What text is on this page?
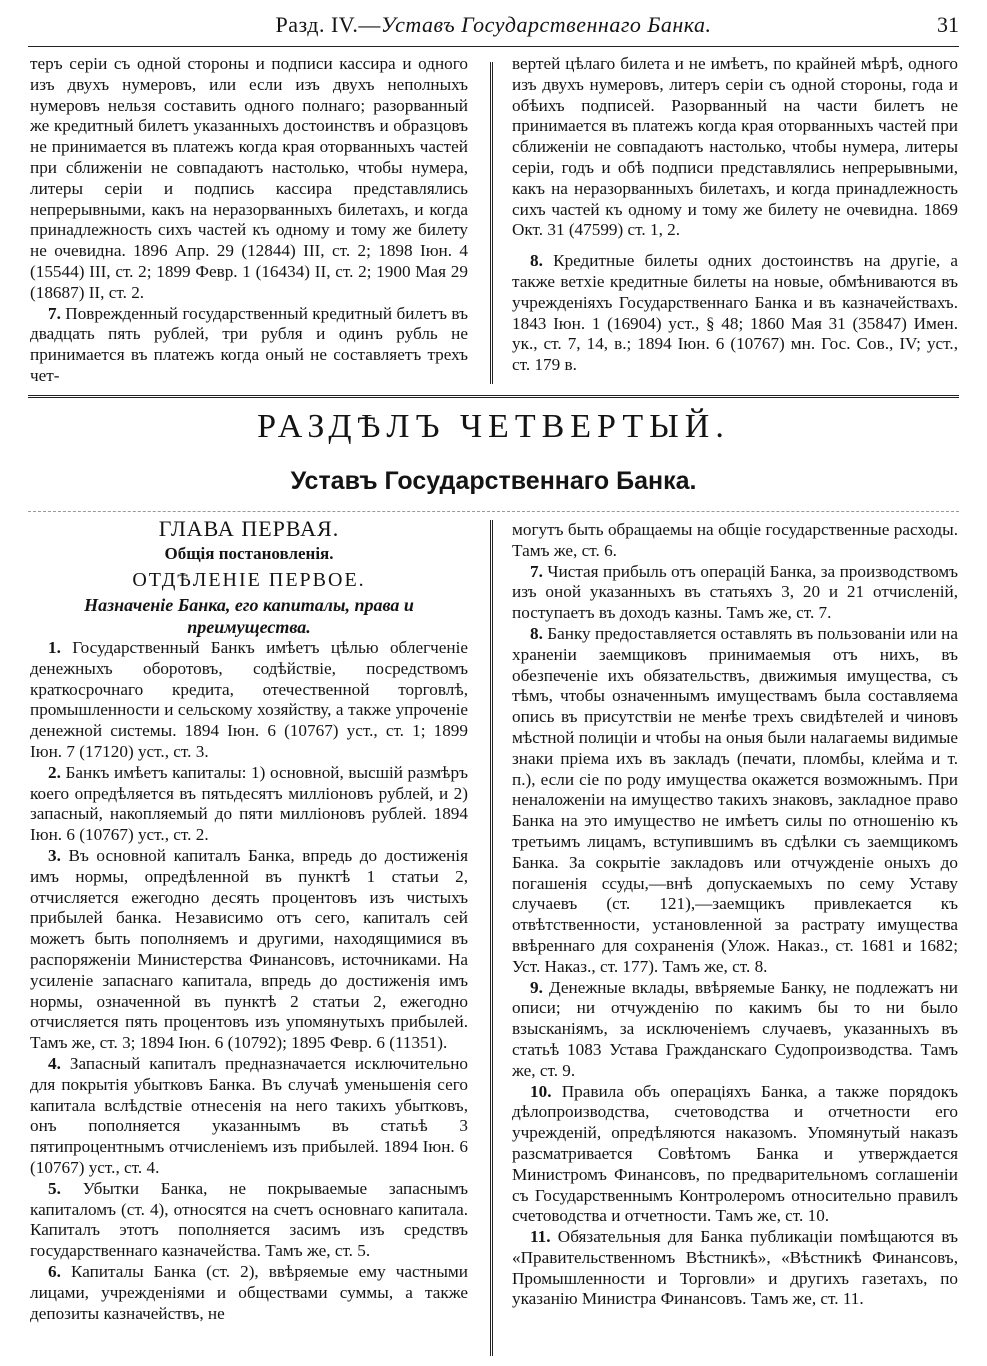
Разд. IV.—Уставъ Государственнаго Банка.	31

теръ серіи съ одной стороны и подписи кассира и одного изъ двухъ нумеровъ, или если изъ двухъ неполныхъ нумеровъ нельзя составить одного полнаго; разорванный же кредитный билетъ указанныхъ достоинствъ и образцовъ не принимается въ платежъ когда края оторванныхъ частей при сближеніи не совпадаютъ настолько, чтобы нумера, литеры серіи и подпись кассира представлялись непрерывными, какъ на неразорванныхъ билетахъ, и когда принадлежность сихъ частей къ одному и тому же билету не очевидна. 1896 Апр. 29 (12844) III, ст. 2; 1898 Іюн. 4 (15544) III, ст. 2; 1899 Февр. 1 (16434) II, ст. 2; 1900 Мая 29 (18687) II, ст. 2.

7. Поврежденный государственный кредитный билетъ въ двадцать пять рублей, три рубля и одинъ рубль не принимается въ платежъ когда оный не составляетъ трехъ чет-

вертей цѣлаго билета и не имѣетъ, по крайней мѣрѣ, одного изъ двухъ нумеровъ, литеръ серіи съ одной стороны, года и обѣихъ подписей. Разорванный на части билетъ не принимается въ платежъ когда края оторванныхъ частей при сближеніи не совпадаютъ настолько, чтобы нумера, литеры серіи, годъ и обѣ подписи представлялись непрерывными, какъ на неразорванныхъ билетахъ, и когда принадлежность сихъ частей къ одному и тому же билету не очевидна. 1869 Окт. 31 (47599) ст. 1, 2.

8. Кредитные билеты одних достоинствъ на другіе, а также ветхіе кредитные билеты на новые, обмѣниваются въ учрежденіяхъ Государственнаго Банка и въ казначействахъ. 1843 Іюн. 1 (16904) уст., § 48; 1860 Мая 31 (35847) Имен. ук., ст. 7, 14, в.; 1894 Іюн. 6 (10767) мн. Гос. Сов., IV; уст., ст. 179 в.

РАЗДѢЛЪ ЧЕТВЕРТЫЙ.
Уставъ Государственнаго Банка.

ГЛАВА ПЕРВАЯ.

Общія постановленія.

ОТДѢЛЕНІЕ ПЕРВОЕ.

Назначеніе Банка, его капиталы, права и преимущества.

1. Государственный Банкъ имѣетъ цѣлью облегченіе денежныхъ оборотовъ, содѣйствіе, посредствомъ краткосрочнаго кредита, отечественной торговлѣ, промышленности и сельскому хозяйству, а также упроченіе денежной системы. 1894 Іюн. 6 (10767) уст., ст. 1; 1899 Іюн. 7 (17120) уст., ст. 3.

2. Банкъ имѣетъ капиталы: 1) основной, высшій размѣръ коего опредѣляется въ пятьдесятъ милліоновъ рублей, и 2) запасный, накопляемый до пяти милліоновъ рублей. 1894 Іюн. 6 (10767) уст., ст. 2.

3. Въ основной капиталъ Банка, впредь до достиженія имъ нормы, опредѣленной въ пунктѣ 1 статьи 2, отчисляется ежегодно десять процентовъ изъ чистыхъ прибылей банка. Независимо отъ сего, капиталъ сей можетъ быть пополняемъ и другими, находящимися въ распоряженіи Министерства Финансовъ, источниками. На усиленіе запаснаго капитала, впредь до достиженія имъ нормы, означенной въ пунктѣ 2 статьи 2, ежегодно отчисляется пять процентовъ изъ упомянутыхъ прибылей. Тамъ же, ст. 3; 1894 Іюн. 6 (10792); 1895 Февр. 6 (11351).

4. Запасный капиталъ предназначается исключительно для покрытія убытковъ Банка. Въ случаѣ уменьшенія сего капитала вслѣдствіе отнесенія на него такихъ убытковъ, онъ пополняется указаннымъ въ статьѣ 3 пятипроцентнымъ отчисленіемъ изъ прибылей. 1894 Іюн. 6 (10767) уст., ст. 4.

5. Убытки Банка, не покрываемые запаснымъ капиталомъ (ст. 4), относятся на счетъ основнаго капитала. Капиталъ этотъ пополняется засимъ изъ средствъ государственнаго казначейства. Тамъ же, ст. 5.

6. Капиталы Банка (ст. 2), ввѣряемые ему частными лицами, учрежденіями и обществами суммы, а также депозиты казначействъ, не

могутъ быть обращаемы на общіе государственные расходы. Тамъ же, ст. 6.

7. Чистая прибыль отъ операцій Банка, за производствомъ изъ оной указанныхъ въ статьяхъ 3, 20 и 21 отчисленій, поступаетъ въ доходъ казны. Тамъ же, ст. 7.

8. Банку предоставляется оставлять въ пользованіи или на храненіи заемщиковъ принимаемыя отъ нихъ, въ обезпеченіе ихъ обязательствъ, движимыя имущества, съ тѣмъ, чтобы означеннымъ имуществамъ была составляема опись въ присутствіи не менѣе трехъ свидѣтелей и чиновъ мѣстной полиціи и чтобы на оныя были налагаемы видимые знаки пріема ихъ въ закладъ (печати, пломбы, клейма и т. п.), если сіе по роду имущества окажется возможнымъ. При неналоженіи на имущество такихъ знаковъ, закладное право Банка на это имущество не имѣетъ силы по отношенію къ третьимъ лицамъ, вступившимъ въ сдѣлки съ заемщикомъ Банка. За сокрытіе закладовъ или отчужденіе оныхъ до погашенія ссуды,—внѣ допускаемыхъ по сему Уставу случаевъ (ст. 121),—заемщикъ привлекается къ отвѣтственности, установленной за растрату имущества ввѣреннаго для сохраненія (Улож. Наказ., ст. 1681 и 1682; Уст. Наказ., ст. 177). Тамъ же, ст. 8.

9. Денежные вклады, ввѣряемые Банку, не подлежатъ ни описи; ни отчужденію по какимъ бы то ни было взысканіямъ, за исключеніемъ случаевъ, указанныхъ въ статьѣ 1083 Устава Гражданскаго Судопроизводства. Тамъ же, ст. 9.

10. Правила объ операціяхъ Банка, а также порядокъ дѣлопроизводства, счетоводства и отчетности его учрежденій, опредѣляются наказомъ. Упомянутый наказъ разсматривается Совѣтомъ Банка и утверждается Министромъ Финансовъ, по предварительномъ соглашеніи съ Государственнымъ Контролеромъ относительно правилъ счетоводства и отчетности. Тамъ же, ст. 10.

11. Обязательныя для Банка публикаціи помѣщаются въ «Правительственномъ Вѣстникѣ», «Вѣстникѣ Финансовъ, Промышленности и Торговли» и другихъ газетахъ, по указанію Министра Финансовъ. Тамъ же, ст. 11.
